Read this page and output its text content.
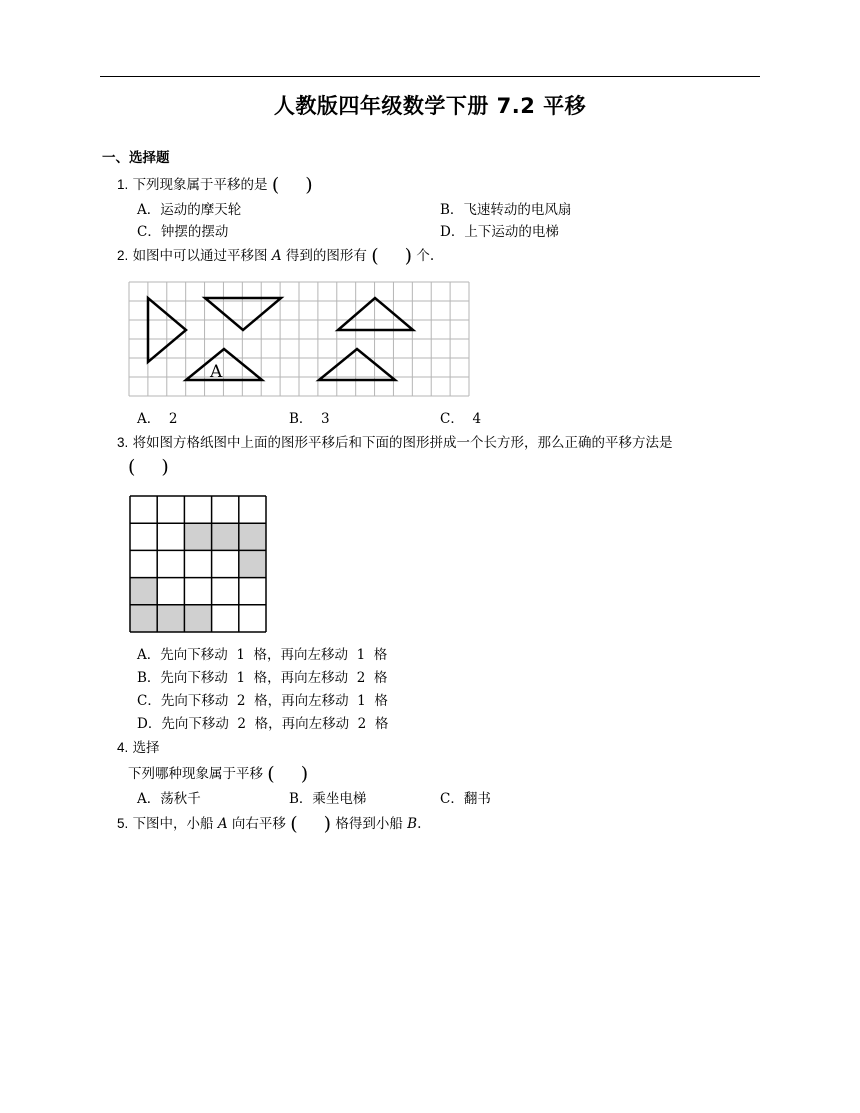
人教版四年级数学下册 7.2 平移
一、选择题
1. 下列现象属于平移的是 ( )
A．运动的摩天轮	B．飞速转动的电风扇
C．钟摆的摆动	D．上下运动的电梯
2. 如图中可以通过平移图 A 得到的图形有 ( ) 个.
A
A． 2	B． 3	C． 4
3. 将如图方格纸图中上面的图形平移后和下面的图形拼成一个长方形，那么正确的平移方法是
( )
A．先向下移动  1  格，再向左移动  1  格
B．先向下移动  1  格，再向左移动  2  格
C．先向下移动  2  格，再向左移动  1  格
D．先向下移动  2  格，再向左移动  2  格
4. 选择
下列哪种现象属于平移 ( )
A．荡秋千	B．乘坐电梯	C．翻书
5. 下图中，小船 A 向右平移 ( ) 格得到小船 B.
